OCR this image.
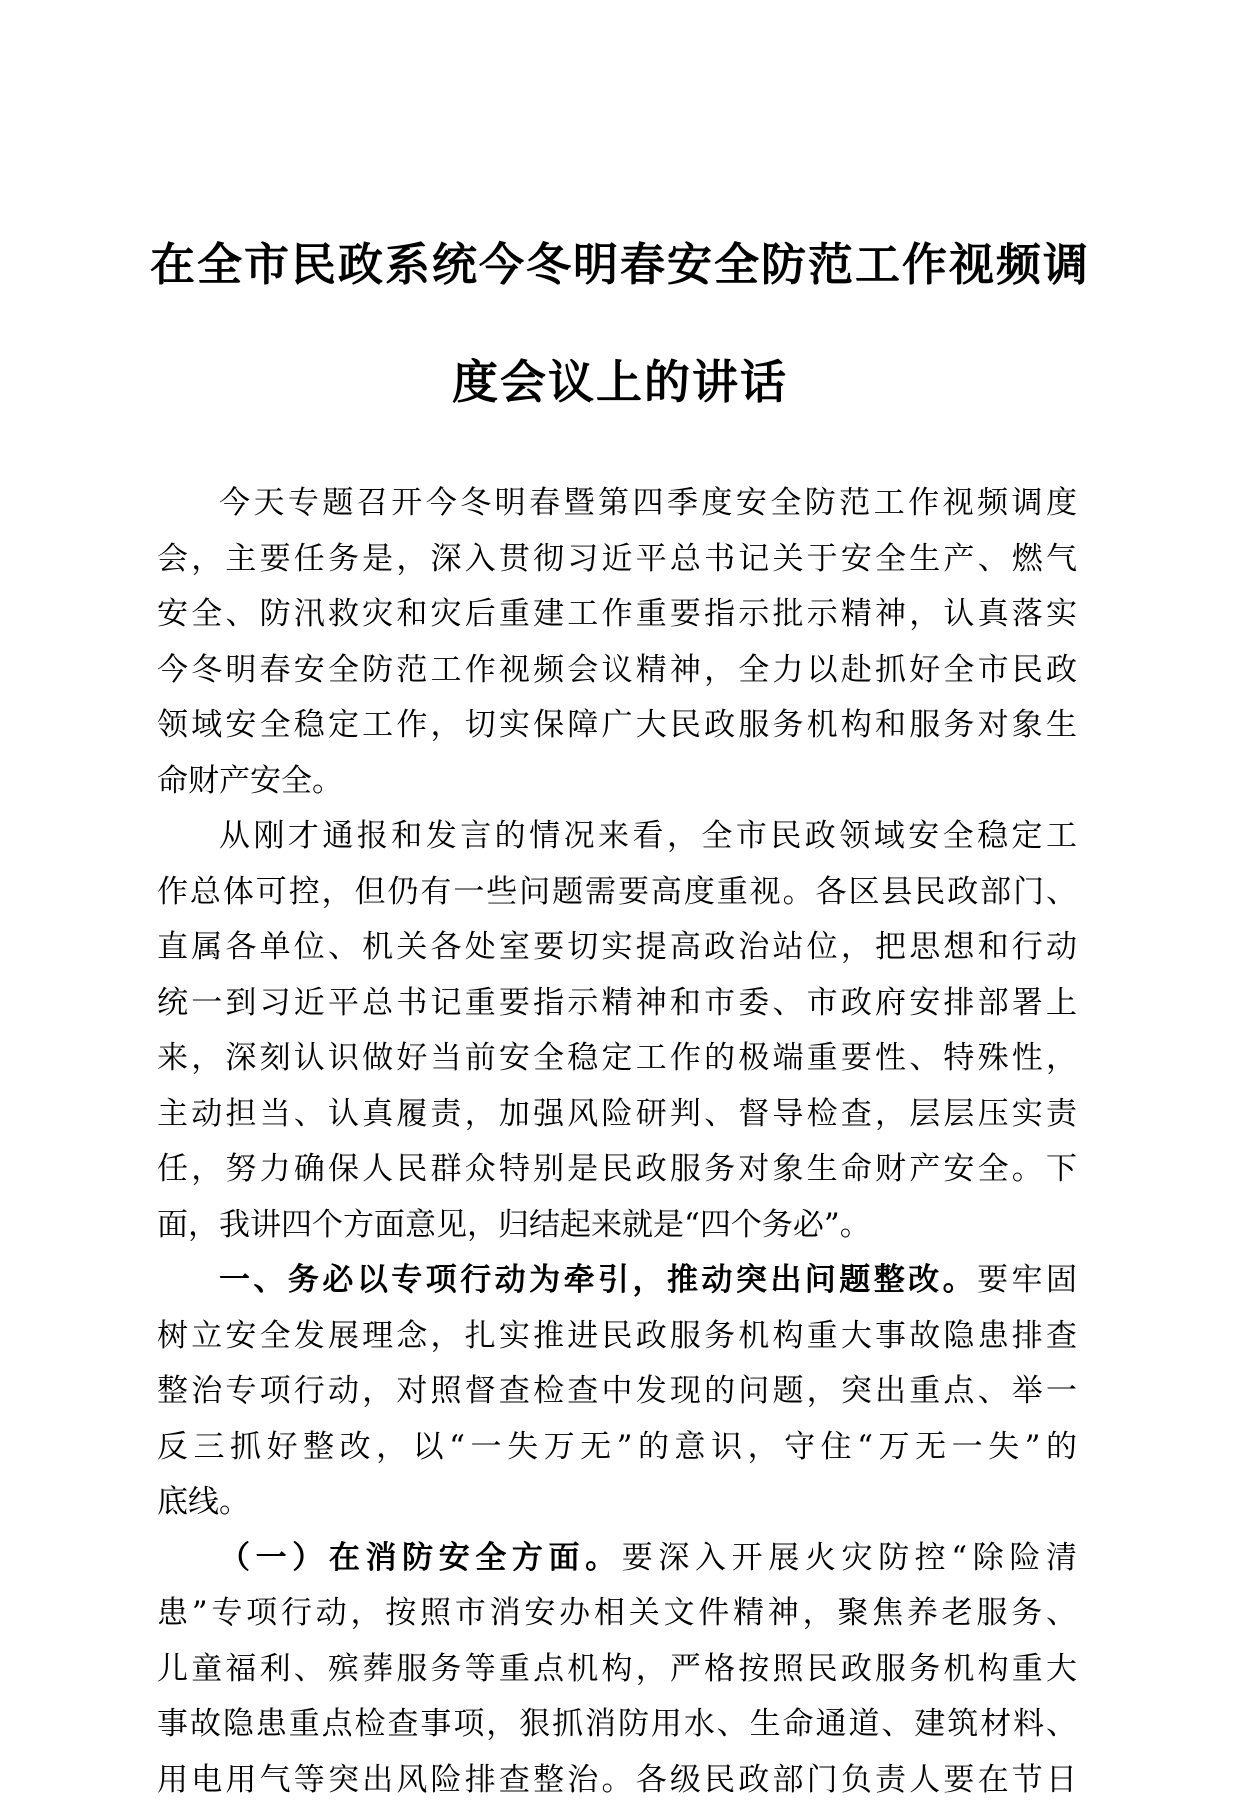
在全市民政系统今冬明春安全防范工作视频调
度会议上的讲话
今天专题召开今冬明春暨第四季度安全防范工作视频调度
会，主要任务是，深入贯彻习近平总书记关于安全生产、燃气
安全、防汛救灾和灾后重建工作重要指示批示精神，认真落实
今冬明春安全防范工作视频会议精神，全力以赴抓好全市民政
领域安全稳定工作，切实保障广大民政服务机构和服务对象生
命财产安全。
从刚才通报和发言的情况来看，全市民政领域安全稳定工
作总体可控，但仍有一些问题需要高度重视。各区县民政部门、
直属各单位、机关各处室要切实提高政治站位，把思想和行动
统一到习近平总书记重要指示精神和市委、市政府安排部署上
来，深刻认识做好当前安全稳定工作的极端重要性、特殊性，
主动担当、认真履责，加强风险研判、督导检查，层层压实责
任，努力确保人民群众特别是民政服务对象生命财产安全。下
面，我讲四个方面意见，归结起来就是“四个务必”。
一、务必以专项行动为牵引，推动突出问题整改。要牢固
树立安全发展理念，扎实推进民政服务机构重大事故隐患排查
整治专项行动，对照督查检查中发现的问题，突出重点、举一
反三抓好整改，以“一失万无”的意识，守住“万无一失”的
底线。
（一）在消防安全方面。要深入开展火灾防控“除险清
患”专项行动，按照市消安办相关文件精神，聚焦养老服务、
儿童福利、殡葬服务等重点机构，严格按照民政服务机构重大
事故隐患重点检查事项，狠抓消防用水、生命通道、建筑材料、
用电用气等突出风险排查整治。各级民政部门负责人要在节日
